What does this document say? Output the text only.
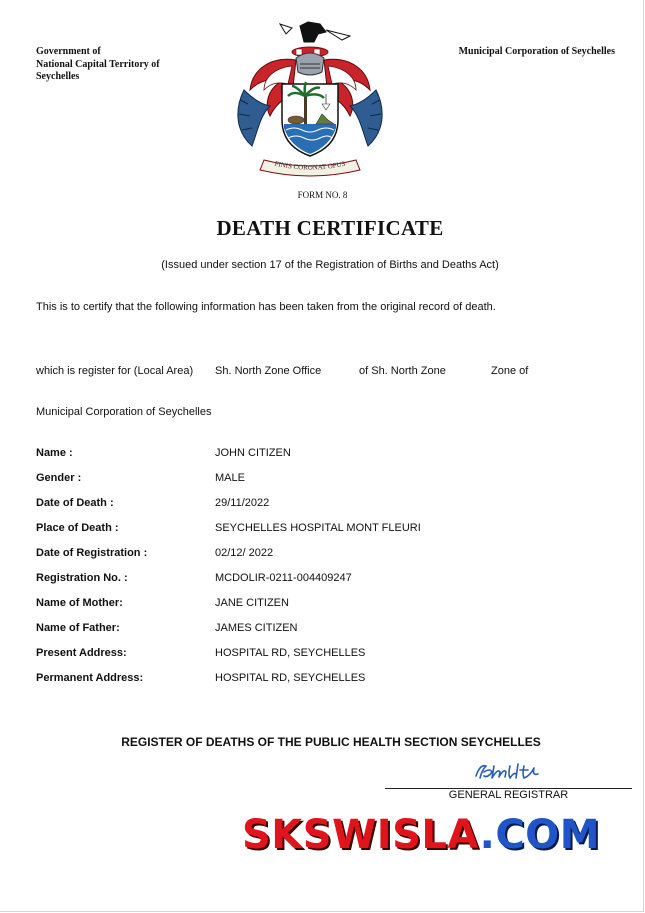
Government of
National Capital Territory of
Seychelles
Municipal Corporation of Seychelles
FINIS CORONAT OPUS
FORM NO. 8
DEATH CERTIFICATE
(Issued under section 17 of the Registration of Births and Deaths Act)
This is to certify that the following information has been taken from the original record of death.
which is register for (Local Area) Sh. North Zone Office	of Sh. North Zone	Zone of
Municipal Corporation of Seychelles
Name :	JOHN CITIZEN
Gender :	MALE
Date of Death :	29/11/2022
Place of Death :	SEYCHELLES HOSPITAL MONT FLEURI
Date of Registration :	02/12/ 2022
Registration No. :	MCDOLIR-0211-004409247
Name of Mother:	JANE CITIZEN
Name of Father:	JAMES CITIZEN
Present Address:	HOSPITAL RD, SEYCHELLES
Permanent Address:	HOSPITAL RD, SEYCHELLES
REGISTER OF DEATHS OF THE PUBLIC HEALTH SECTION SEYCHELLES
GENERAL REGISTRAR
SKSWISLA.COM
